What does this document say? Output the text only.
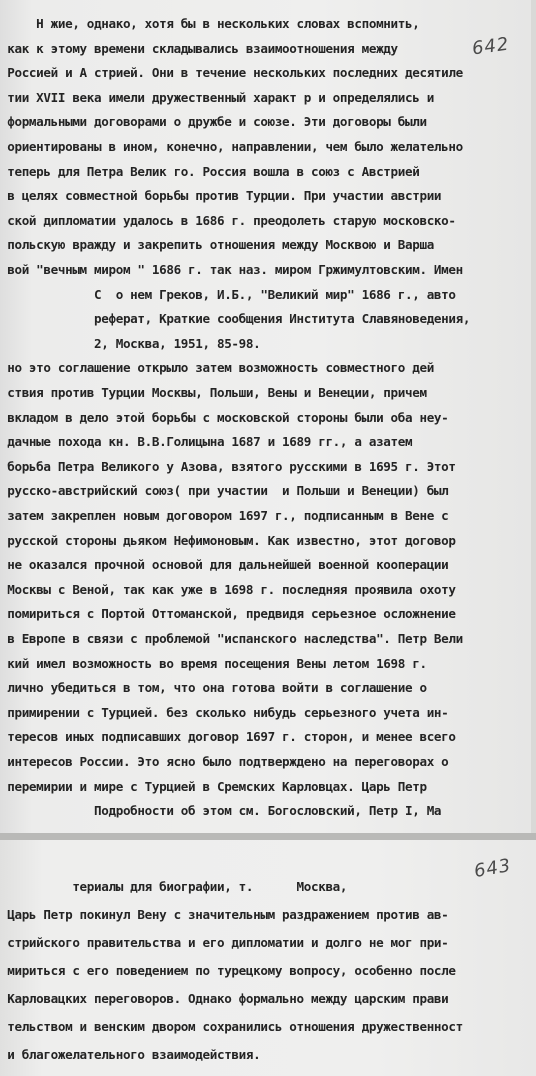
642
Н жие, однако, хотя бы в нескольких словах вспомнить,
как к этому времени складывались взаимоотношения между
Россией и А стрией. Они в течение нескольких последних десятиле
тии XVII века имели дружественный характ р и определялись и
формальными договорами о дружбе и союзе. Эти договоры были
ориентированы в ином, конечно, направлении, чем было желательно
теперь для Петра Велик го. Россия вошла в союз с Австрией
в целях совместной борьбы против Турции. При участии австрии
ской дипломатии удалось в 1686 г. преодолеть старую московско-
польскую вражду и закрепить отношения между Москвою и Варша
вой "вечным миром " 1686 г. так наз. миром Гржимултовским. Имен
С  о нем Греков, И.Б., "Великий мир" 1686 г., авто
реферат, Краткие сообщения Института Славяноведения,
2, Москва, 1951, 85-98.
но это соглашение открыло затем возможность совместного дей
ствия против Турции Москвы, Польши, Вены и Венеции, причем
вкладом в дело этой борьбы с московской стороны были оба неу-
дачные похода кн. В.В.Голицына 1687 и 1689 гг., а азатем
борьба Петра Великого у Азова, взятого русскими в 1695 г. Этот
русско-австрийский союз( при участии  и Польши и Венеции) был
затем закреплен новым договором 1697 г., подписанным в Вене с
русской стороны дьяком Нефимоновым. Как известно, этот договор
не оказался прочной основой для дальнейшей военной кооперации
Москвы с Веной, так как уже в 1698 г. последняя проявила охоту
помириться с Портой Оттоманской, предвидя серьезное осложнение
в Европе в связи с проблемой "испанского наследства". Петр Вели
кий имел возможность во время посещения Вены летом 1698 г.
лично убедиться в том, что она готова войти в соглашение о
примирении с Турцией. без сколько нибудь серьезного учета ин-
тересов иных подписавших договор 1697 г. сторон, и менее всего
интересов России. Это ясно было подтверждено на переговорах о
перемирии и мире с Турцией в Сремских Карловцах. Царь Петр
Подробности об этом см. Богословский, Петр I, Ма
643
териалы для биографии, т.      Москва,
Царь Петр покинул Вену с значительным раздражением против ав-
стрийского правительства и его дипломатии и долго не мог при-
мириться с его поведением по турецкому вопросу, особенно после
Карловацких переговоров. Однако формально между царским прави
тельством и венским двором сохранились отношения дружественност
и благожелательного взаимодействия.
